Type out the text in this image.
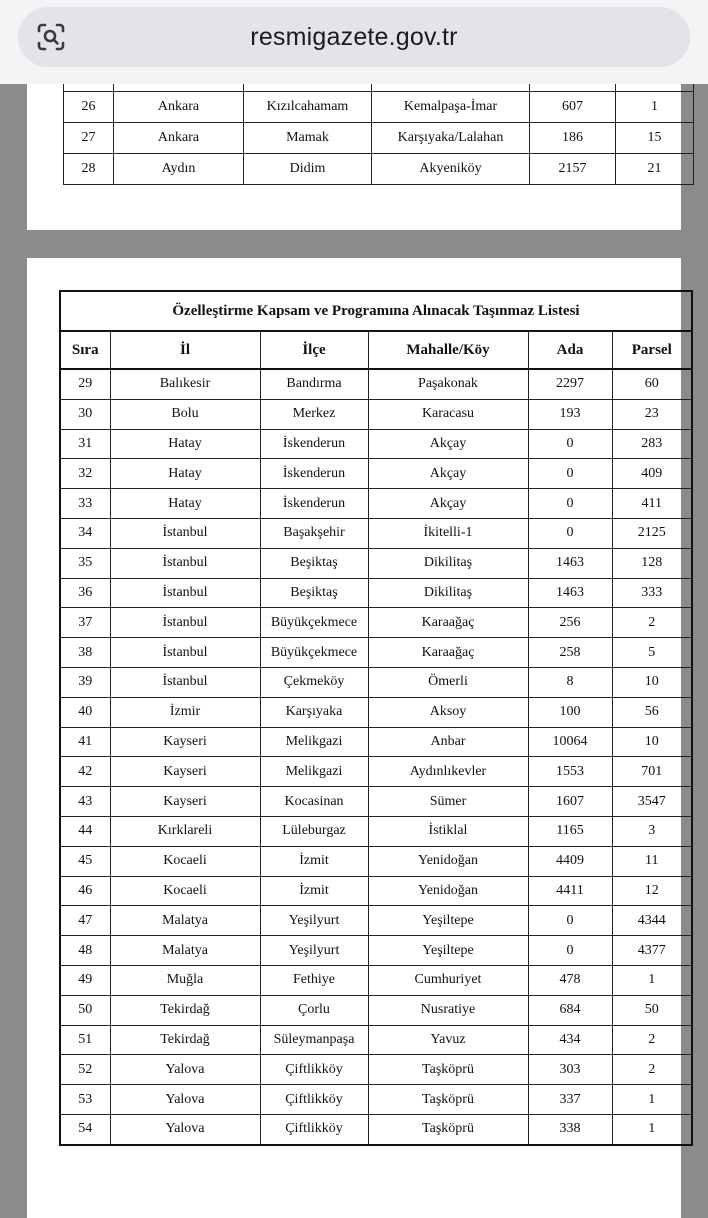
resmigazete.gov.tr

26	Ankara	Kızılcahamam	Kemalpaşa-İmar	607	1
27	Ankara	Mamak	Karşıyaka/Lalahan	186	15
28	Aydın	Didim	Akyeniköy	2157	21
Özelleştirme Kapsam ve Programına Alınacak Taşınmaz Listesi					
Sıra	İl	İlçe	Mahalle/Köy	Ada	Parsel
29	Balıkesir	Bandırma	Paşakonak	2297	60
30	Bolu	Merkez	Karacasu	193	23
31	Hatay	İskenderun	Akçay	0	283
32	Hatay	İskenderun	Akçay	0	409
33	Hatay	İskenderun	Akçay	0	411
34	İstanbul	Başakşehir	İkitelli-1	0	2125
35	İstanbul	Beşiktaş	Dikilitaş	1463	128
36	İstanbul	Beşiktaş	Dikilitaş	1463	333
37	İstanbul	Büyükçekmece	Karaağaç	256	2
38	İstanbul	Büyükçekmece	Karaağaç	258	5
39	İstanbul	Çekmeköy	Ömerli	8	10
40	İzmir	Karşıyaka	Aksoy	100	56
41	Kayseri	Melikgazi	Anbar	10064	10
42	Kayseri	Melikgazi	Aydınlıkevler	1553	701
43	Kayseri	Kocasinan	Sümer	1607	3547
44	Kırklareli	Lüleburgaz	İstiklal	1165	3
45	Kocaeli	İzmit	Yenidoğan	4409	11
46	Kocaeli	İzmit	Yenidoğan	4411	12
47	Malatya	Yeşilyurt	Yeşiltepe	0	4344
48	Malatya	Yeşilyurt	Yeşiltepe	0	4377
49	Muğla	Fethiye	Cumhuriyet	478	1
50	Tekirdağ	Çorlu	Nusratiye	684	50
51	Tekirdağ	Süleymanpaşa	Yavuz	434	2
52	Yalova	Çiftlikköy	Taşköprü	303	2
53	Yalova	Çiftlikköy	Taşköprü	337	1
54	Yalova	Çiftlikköy	Taşköprü	338	1
